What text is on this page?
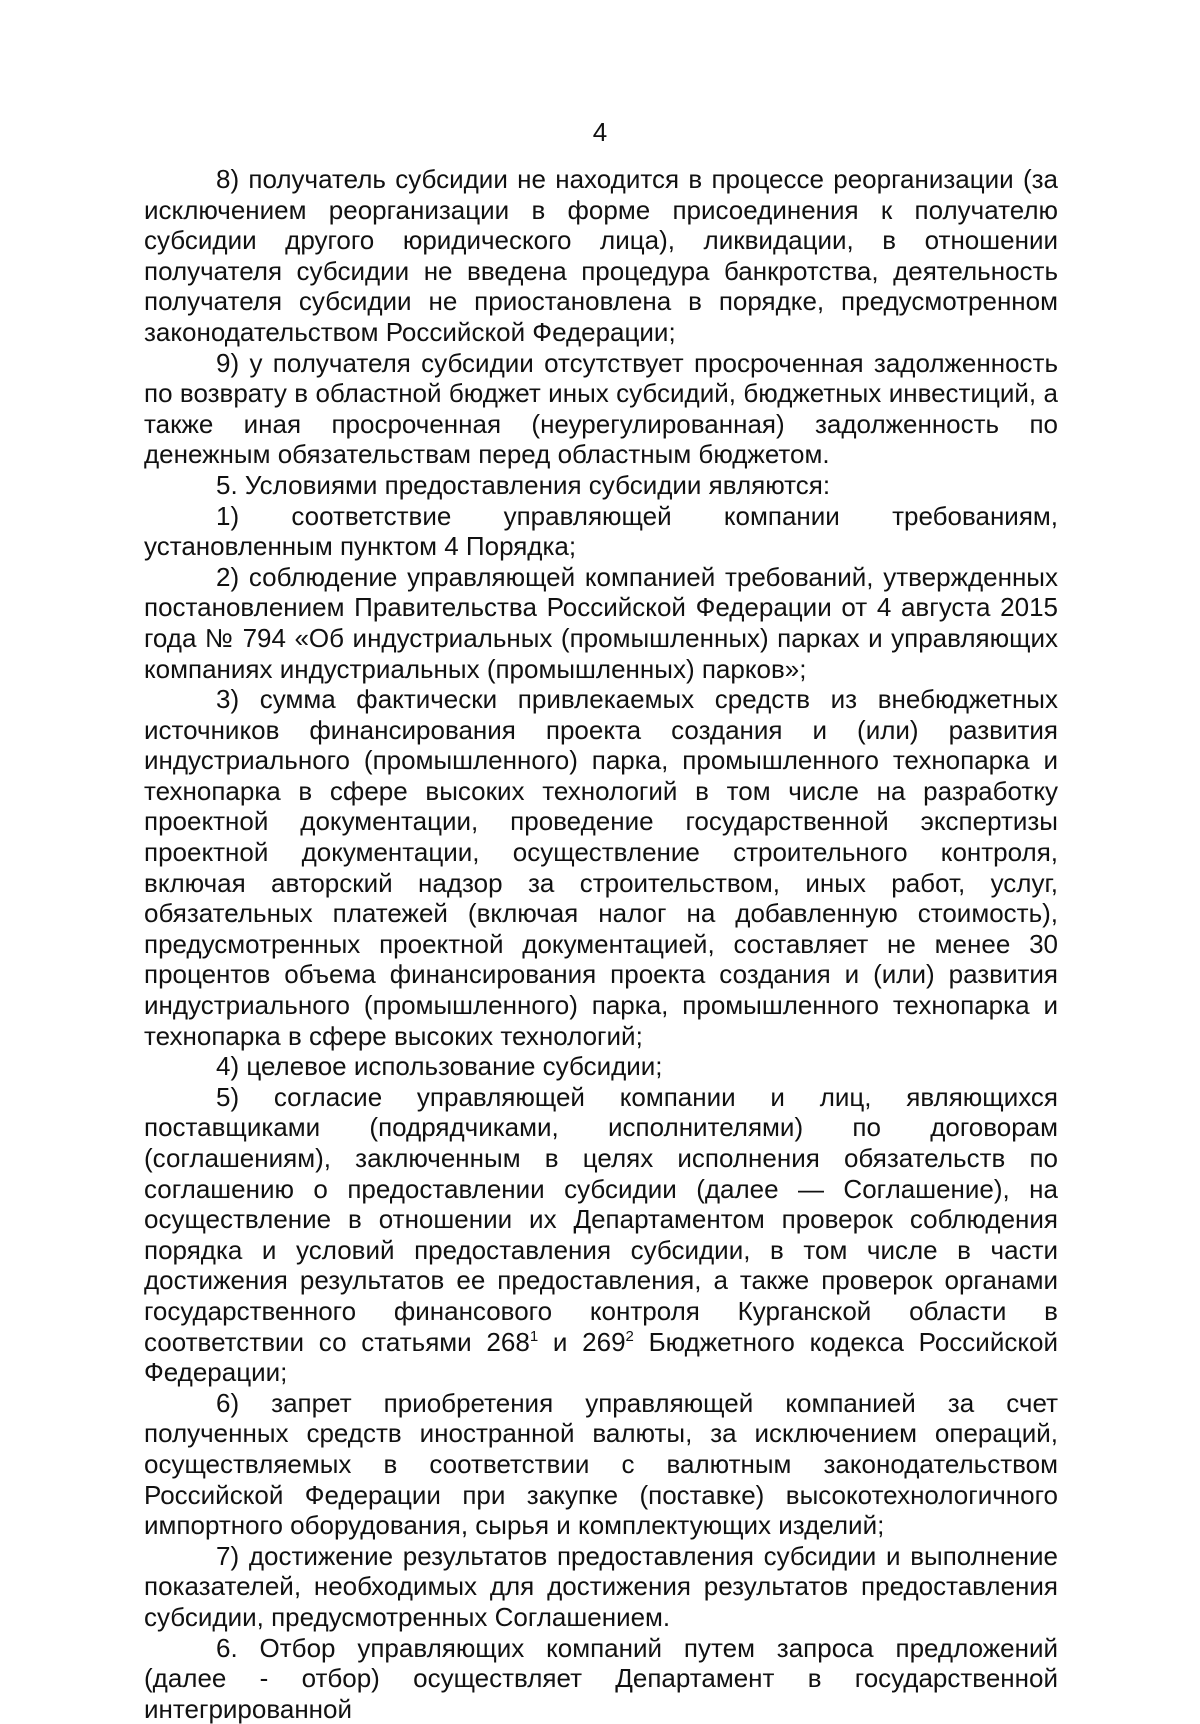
4

8) получатель субсидии не находится в процессе реорганизации (за исключением реорганизации в форме присоединения к получателю субсидии другого юридического лица), ликвидации, в отношении получателя субсидии не введена процедура банкротства, деятельность получателя субсидии не приостановлена в порядке, предусмотренном законодательством Российской Федерации;

9) у получателя субсидии отсутствует просроченная задолженность по возврату в областной бюджет иных субсидий, бюджетных инвестиций, а также иная просроченная (неурегулированная) задолженность по денежным обязательствам перед областным бюджетом.

5. Условиями предоставления субсидии являются:

1) соответствие управляющей компании требованиям, установленным пунктом 4 Порядка;

2) соблюдение управляющей компанией требований, утвержденных постановлением Правительства Российской Федерации от 4 августа 2015 года № 794 «Об индустриальных (промышленных) парках и управляющих компаниях индустриальных (промышленных) парков»;

3) сумма фактически привлекаемых средств из внебюджетных источников финансирования проекта создания и (или) развития индустриального (промышленного) парка, промышленного технопарка и технопарка в сфере высоких технологий в том числе на разработку проектной документации, проведение государственной экспертизы проектной документации, осуществление строительного контроля, включая авторский надзор за строительством, иных работ, услуг, обязательных платежей (включая налог на добавленную стоимость), предусмотренных проектной документацией, составляет не менее 30 процентов объема финансирования проекта создания и (или) развития индустриального (промышленного) парка, промышленного технопарка и технопарка в сфере высоких технологий;

4) целевое использование субсидии;

5) согласие управляющей компании и лиц, являющихся поставщиками (подрядчиками, исполнителями) по договорам (соглашениям), заключенным в целях исполнения обязательств по соглашению о предоставлении субсидии (далее — Соглашение), на осуществление в отношении их Департаментом проверок соблюдения порядка и условий предоставления субсидии, в том числе в части достижения результатов ее предоставления, а также проверок органами государственного финансового контроля Курганской области в соответствии со статьями $268^1$ и $269^2$ Бюджетного кодекса Российской Федерации;

6) запрет приобретения управляющей компанией за счет полученных средств иностранной валюты, за исключением операций, осуществляемых в соответствии с валютным законодательством Российской Федерации при закупке (поставке) высокотехнологичного импортного оборудования, сырья и комплектующих изделий;

7) достижение результатов предоставления субсидии и выполнение показателей, необходимых для достижения результатов предоставления субсидии, предусмотренных Соглашением.

6. Отбор управляющих компаний путем запроса предложений (далее - отбор) осуществляет Департамент в государственной интегрированной
